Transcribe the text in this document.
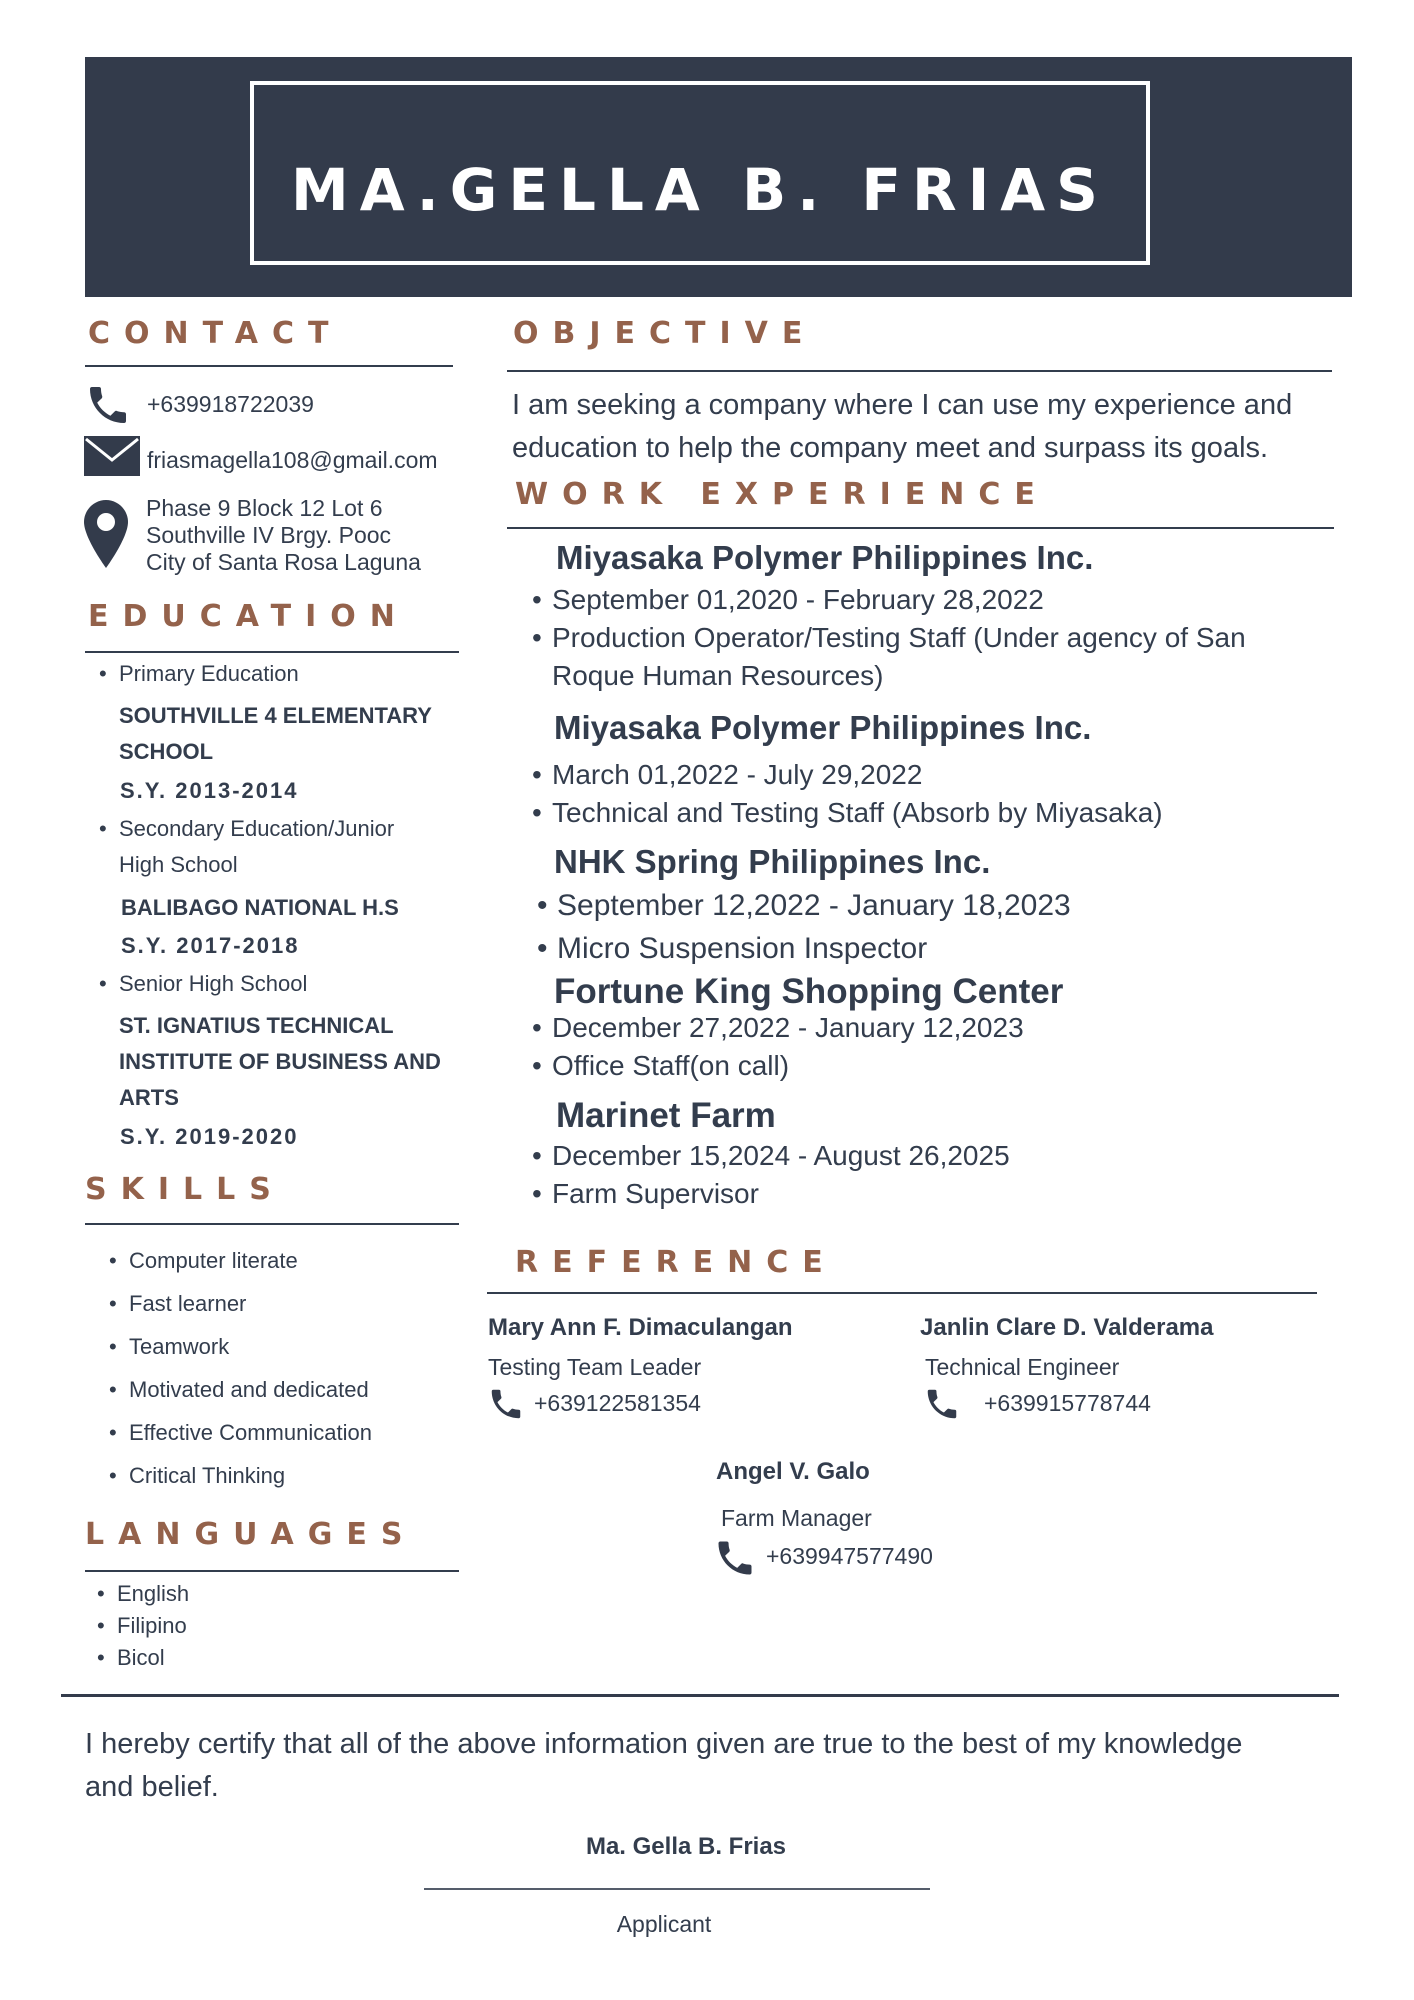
MA.GELLA B. FRIAS
CONTACT
+639918722039
friasmagella108@gmail.com
Phase 9 Block 12 Lot 6
Southville IV Brgy. Pooc
City of Santa Rosa Laguna
EDUCATION
• Primary Education
SOUTHVILLE 4 ELEMENTARY
SCHOOL
S.Y. 2013-2014
• Secondary Education/Junior
High School
BALIBAGO NATIONAL H.S
S.Y. 2017-2018
• Senior High School
ST. IGNATIUS TECHNICAL
INSTITUTE OF BUSINESS AND
ARTS
S.Y. 2019-2020
SKILLS
• Computer literate
• Fast learner
• Teamwork
• Motivated and dedicated
• Effective Communication
• Critical Thinking
LANGUAGES
• English
• Filipino
• Bicol
OBJECTIVE
I am seeking a company where I can use my experience and
education to help the company meet and surpass its goals.
WORK EXPERIENCE
Miyasaka Polymer Philippines Inc.
• September 01,2020 - February 28,2022
• Production Operator/Testing Staff (Under agency of San
Roque Human Resources)
Miyasaka Polymer Philippines Inc.
• March 01,2022 - July 29,2022
• Technical and Testing Staff (Absorb by Miyasaka)
NHK Spring Philippines Inc.
• September 12,2022 - January 18,2023
• Micro Suspension Inspector
Fortune King Shopping Center
• December 27,2022 - January 12,2023
• Office Staff(on call)
Marinet Farm
• December 15,2024 - August 26,2025
• Farm Supervisor
REFERENCE
Mary Ann F. Dimaculangan
Testing Team Leader
+639122581354
Janlin Clare D. Valderama
Technical Engineer
+639915778744
Angel V. Galo
Farm Manager
+639947577490
I hereby certify that all of the above information given are true to the best of my knowledge
and belief.
Ma. Gella B. Frias
Applicant
